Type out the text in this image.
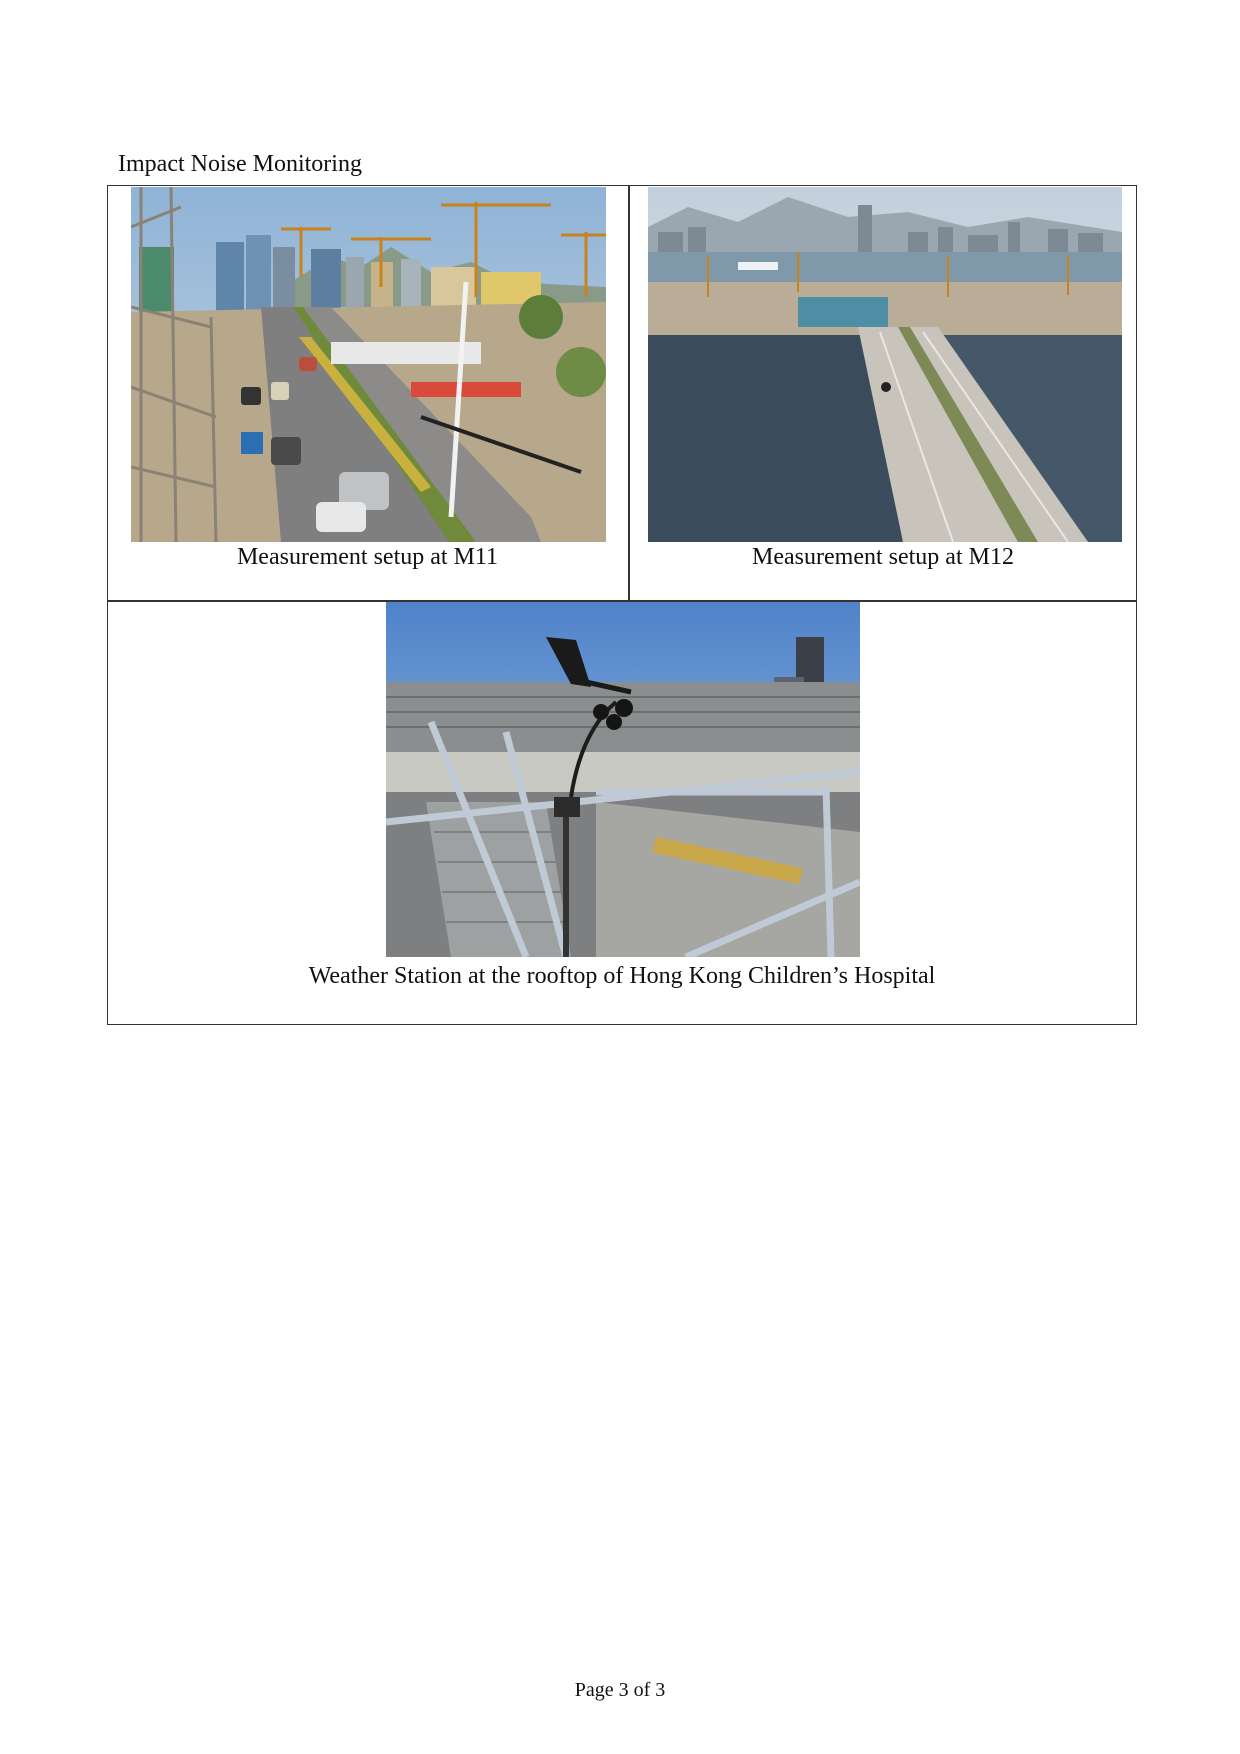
Impact Noise Monitoring
Measurement setup at M11	Measurement setup at M12
Weather Station at the rooftop of Hong Kong Children’s Hospital
Page 3 of 3
